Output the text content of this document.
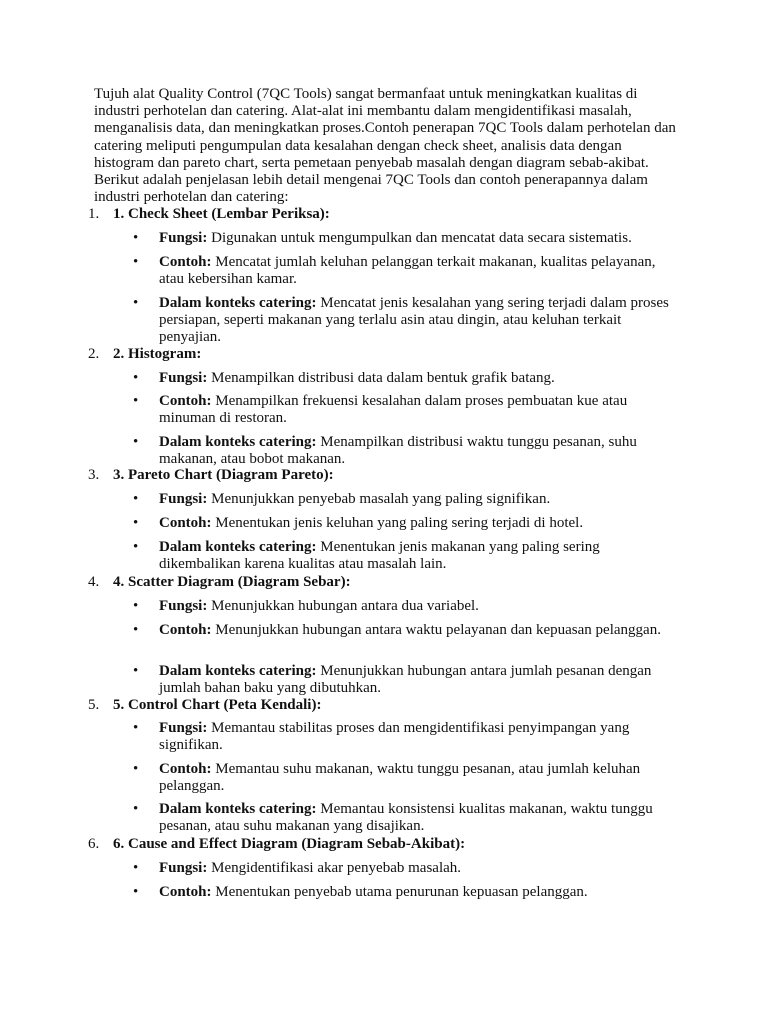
Tujuh alat Quality Control (7QC Tools) sangat bermanfaat untuk meningkatkan kualitas di industri perhotelan dan catering. Alat-alat ini membantu dalam mengidentifikasi masalah, menganalisis data, dan meningkatkan proses.Contoh penerapan 7QC Tools dalam perhotelan dan catering meliputi pengumpulan data kesalahan dengan check sheet, analisis data dengan histogram dan pareto chart, serta pemetaan penyebab masalah dengan diagram sebab-akibat. Berikut adalah penjelasan lebih detail mengenai 7QC Tools dan contoh penerapannya dalam industri perhotelan dan catering:

1. 1. Check Sheet (Lembar Periksa):
• Fungsi: Digunakan untuk mengumpulkan dan mencatat data secara sistematis.
• Contoh: Mencatat jumlah keluhan pelanggan terkait makanan, kualitas pelayanan, atau kebersihan kamar.
• Dalam konteks catering: Mencatat jenis kesalahan yang sering terjadi dalam proses persiapan, seperti makanan yang terlalu asin atau dingin, atau keluhan terkait penyajian.
2. 2. Histogram:
• Fungsi: Menampilkan distribusi data dalam bentuk grafik batang.
• Contoh: Menampilkan frekuensi kesalahan dalam proses pembuatan kue atau minuman di restoran.
• Dalam konteks catering: Menampilkan distribusi waktu tunggu pesanan, suhu makanan, atau bobot makanan.
3. 3. Pareto Chart (Diagram Pareto):
• Fungsi: Menunjukkan penyebab masalah yang paling signifikan.
• Contoh: Menentukan jenis keluhan yang paling sering terjadi di hotel.
• Dalam konteks catering: Menentukan jenis makanan yang paling sering dikembalikan karena kualitas atau masalah lain.
4. 4. Scatter Diagram (Diagram Sebar):
• Fungsi: Menunjukkan hubungan antara dua variabel.
• Contoh: Menunjukkan hubungan antara waktu pelayanan dan kepuasan pelanggan.
• Dalam konteks catering: Menunjukkan hubungan antara jumlah pesanan dengan jumlah bahan baku yang dibutuhkan.
5. 5. Control Chart (Peta Kendali):
• Fungsi: Memantau stabilitas proses dan mengidentifikasi penyimpangan yang signifikan.
• Contoh: Memantau suhu makanan, waktu tunggu pesanan, atau jumlah keluhan pelanggan.
• Dalam konteks catering: Memantau konsistensi kualitas makanan, waktu tunggu pesanan, atau suhu makanan yang disajikan.
6. 6. Cause and Effect Diagram (Diagram Sebab-Akibat):
• Fungsi: Mengidentifikasi akar penyebab masalah.
• Contoh: Menentukan penyebab utama penurunan kepuasan pelanggan.
